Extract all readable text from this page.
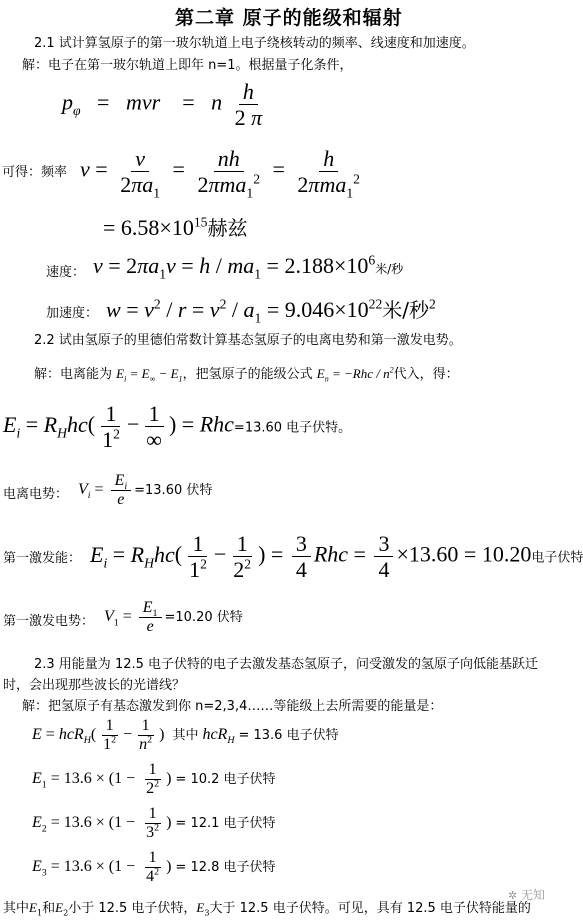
第二章 原子的能级和辐射
2.1 试计算氢原子的第一玻尔轨道上电子绕核转动的频率、线速度和加速度。
解：电子在第一玻尔轨道上即年 n=1。根据量子化条件，
$p_\varphi$   =   mvr    =   n $\frac{h}{2 \pi}$
可得：频率 $\nu = \frac{v}{2\pi a_1} = \frac{nh}{2\pi ma_1^2} = \frac{h}{2\pi ma_1^2}$
= $6.58\times 10^{15}$赫兹
速度： $\nu = 2\pi a_1\nu = h / ma_1 = 2.188\times 10^6$米/秒
加速度： $w = \nu^2 / r = \nu^2 / a_1 = 9.046\times 10^{22}$米/秒$^2$
2.2 试由氢原子的里德伯常数计算基态氢原子的电离电势和第一激发电势。
解：电离能为 $E_i = E_\infty - E_1$，把氢原子的能级公式 $E_n = -Rhc / n^2$代入，得：
$E_i = R_Hhc( \frac{1}{1^2} - \frac{1}{\infty}$ ) = Rhc=13.60 电子伏特。
电离电势： $V_i = \frac{E_i}{e} =13.60$ 伏特
第一激发能： $E_i = R_Hhc( \frac{1}{1^2} - \frac{1}{2^2}$ ) = $\frac{3}{4}$ Rhc = $\frac{3}{4} \times 13.60 = 10.20$电子伏特
第一激发电势： $V_1 = \frac{E_1}{e} =10.20$ 伏特
2.3 用能量为 12.5 电子伏特的电子去激发基态氢原子，问受激发的氢原子向低能基跃迁
时，会出现那些波长的光谱线？
解：把氢原子有基态激发到你 n=2,3,4……等能级上去所需要的能量是：
$E = hcR_H( \frac{1}{1^2} - \frac{1}{n^2}$ )  其中 hcR$_H$ = 13.6 电子伏特
$E_1 = 13.6 \times (1 - \frac{1}{2^2}$ ) = 10.2 电子伏特
$E_2 = 13.6 \times (1 - \frac{1}{3^2}$ ) = 12.1 电子伏特
$E_3 = 13.6 \times (1 - \frac{1}{4^2}$ ) = 12.8 电子伏特
其中$E_1$和$E_2$小于 12.5 电子伏特，$E_3$大于 12.5 电子伏特。可见，具有 12.5 电子伏特能量的
✲ 无知
